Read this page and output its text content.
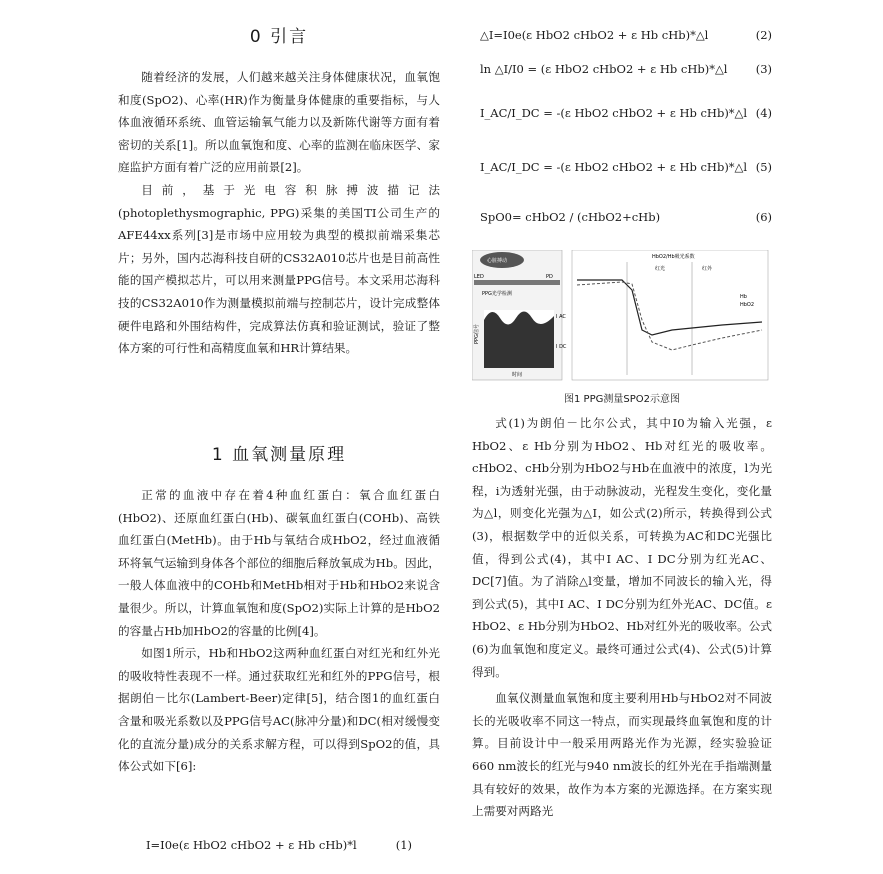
0 引言

随着经济的发展，人们越来越关注身体健康状况，血氧饱和度(SpO2)、心率(HR)作为衡量身体健康的重要指标，与人体血液循环系统、血管运输氧气能力以及新陈代谢等方面有着密切的关系[1]。所以血氧饱和度、心率的监测在临床医学、家庭监护方面有着广泛的应用前景[2]。

目前，基于光电容积脉搏波描记法(photoplethysmographic, PPG)采集的美国TI公司生产的AFE44xx系列[3]是市场中应用较为典型的模拟前端采集芯片；另外，国内芯海科技自研的CS32A010芯片也是目前高性能的国产模拟芯片，可以用来测量PPG信号。本文采用芯海科技的CS32A010作为测量模拟前端与控制芯片，设计完成整体硬件电路和外围结构件，完成算法仿真和验证测试，验证了整体方案的可行性和高精度血氧和HR计算结果。

1 血氧测量原理

正常的血液中存在着4种血红蛋白：氧合血红蛋白(HbO2)、还原血红蛋白(Hb)、碳氧血红蛋白(COHb)、高铁血红蛋白(MetHb)。由于Hb与氧结合成HbO2，经过血液循环将氧气运输到身体各个部位的细胞后释放氧成为Hb。因此，一般人体血液中的COHb和MetHb相对于Hb和HbO2来说含量很少。所以，计算血氧饱和度(SpO2)实际上计算的是HbO2的容量占Hb加HbO2的容量的比例[4]。

如图1所示，Hb和HbO2这两种血红蛋白对红光和红外光的吸收特性表现不一样。通过获取红光和红外的PPG信号，根据朗伯－比尔(Lambert-Beer)定律[5]，结合图1的血红蛋白含量和吸光系数以及PPG信号AC(脉冲分量)和DC(相对缓慢变化的直流分量)成分的关系求解方程，可以得到SpO2的值，具体公式如下[6]:

I=I0e(ε HbO2 cHbO2 + ε Hb cHb)*l	(1)
△I=I0e(ε HbO2 cHbO2 + ε Hb cHb)*△l	(2)
ln △I/I0 = (ε HbO2 cHbO2 + ε Hb cHb)*△l (3)
I_AC/I_DC = -(ε HbO2 cHbO2 + ε Hb cHb)*△l (4)
I_AC/I_DC = -(ε HbO2 cHbO2 + ε Hb cHb)*△l (5)
SpO0= cHbO2 / (cHbO2+cHb)	(6)
心脏搏动
LED	PD
PPG光学检测
PPG信号
时间
I AC
I DC
HbO2/Hb吸光系数
红光	红外
Hb
HbO2
图1 PPG测量SPO2示意图

式(1)为朗伯－比尔公式，其中I0为输入光强，ε HbO2、ε Hb分别为HbO2、Hb对红光的吸收率。cHbO2、cHb分别为HbO2与Hb在血液中的浓度，l为光程，i为透射光强，由于动脉波动，光程发生变化，变化量为△l，则变化光强为△I，如公式(2)所示，转换得到公式(3)，根据数学中的近似关系，可转换为AC和DC光强比值，得到公式(4)，其中I AC、I DC分别为红光AC、DC[7]值。为了消除△l变量，增加不同波长的输入光，得到公式(5)，其中I AC、I DC分别为红外光AC、DC值。ε HbO2、ε Hb分别为HbO2、Hb对红外光的吸收率。公式(6)为血氧饱和度定义。最终可通过公式(4)、公式(5)计算得到。

血氧仪测量血氧饱和度主要利用Hb与HbO2对不同波长的光吸收率不同这一特点，而实现最终血氧饱和度的计算。目前设计中一般采用两路光作为光源，经实验验证660 nm波长的红光与940 nm波长的红外光在手指端测量具有较好的效果，故作为本方案的光源选择。在方案实现上需要对两路光
